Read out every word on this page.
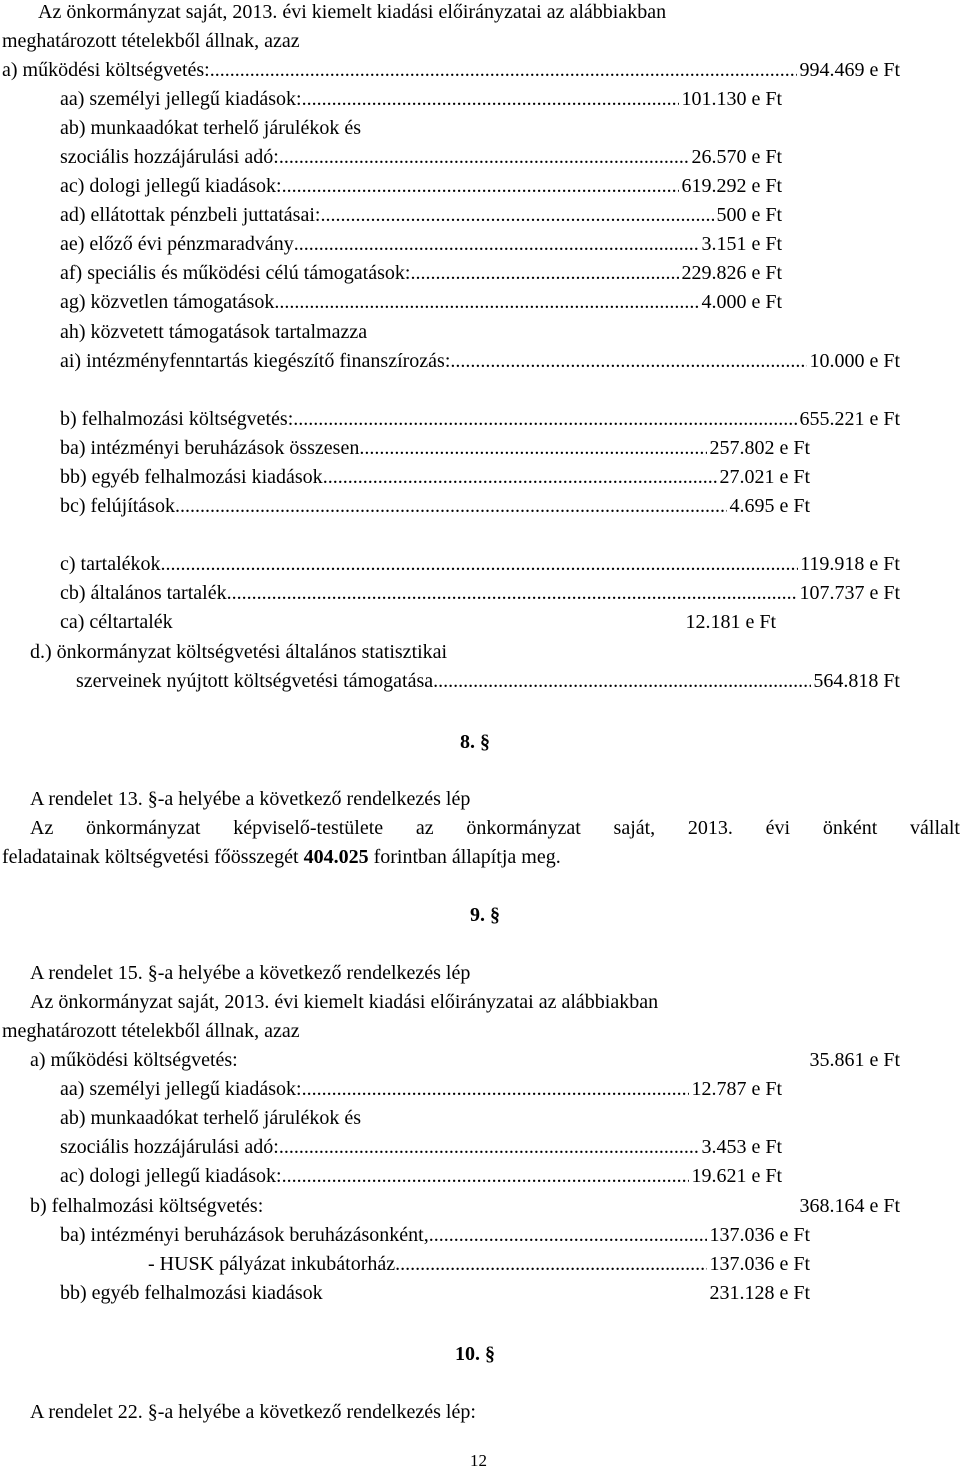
Az önkormányzat saját, 2013. évi kiemelt kiadási előirányzatai az alábbiakban
meghatározott tételekből állnak, azaz
a) működési költségvetés: .....	994.469 e Ft
aa) személyi jellegű kiadások: .....	101.130 e Ft
ab) munkaadókat terhelő járulékok és
szociális hozzájárulási adó: .....	26.570 e Ft
ac) dologi jellegű kiadások: .....	619.292 e Ft
ad) ellátottak pénzbeli juttatásai: .....	500 e Ft
ae) előző évi pénzmaradvány .....	3.151 e Ft
af) speciális és működési célú támogatások: .....	229.826 e Ft
ag) közvetlen támogatások .....	4.000 e Ft
ah) közvetett támogatások tartalmazza
ai) intézményfenntartás kiegészítő finanszírozás: .....	10.000 e Ft
b) felhalmozási költségvetés: .....	655.221 e Ft
ba) intézményi beruházások összesen .....	257.802 e Ft
bb) egyéb felhalmozási kiadások .....	27.021 e Ft
bc) felújítások .....	4.695 e Ft
c) tartalékok .....	119.918 e Ft
cb) általános tartalék .....	107.737 e Ft
ca) céltartalék	12.181 e Ft
d.) önkormányzat költségvetési általános statisztikai
szerveinek nyújtott költségvetési támogatása .....	564.818 Ft
8. §
A rendelet 13. §-a helyébe a következő rendelkezés lép
Az önkormányzat képviselő-testülete az önkormányzat saját, 2013. évi önként vállalt
feladatainak költségvetési főösszegét 404.025 forintban állapítja meg.
9. §
A rendelet 15. §-a helyébe a következő rendelkezés lép
Az önkormányzat saját, 2013. évi kiemelt kiadási előirányzatai az alábbiakban
meghatározott tételekből állnak, azaz
a) működési költségvetés:	35.861 e Ft
aa) személyi jellegű kiadások: .....	12.787 e Ft
ab) munkaadókat terhelő járulékok és
szociális hozzájárulási adó: .....	3.453 e Ft
ac) dologi jellegű kiadások: .....	19.621 e Ft
b) felhalmozási költségvetés:	368.164 e Ft
ba) intézményi beruházások beruházásonként, .....	137.036 e Ft
- HUSK pályázat inkubátorház .....	137.036 e Ft
bb) egyéb felhalmozási kiadások	231.128 e Ft
10. §
A rendelet 22. §-a helyébe a következő rendelkezés lép:
12
